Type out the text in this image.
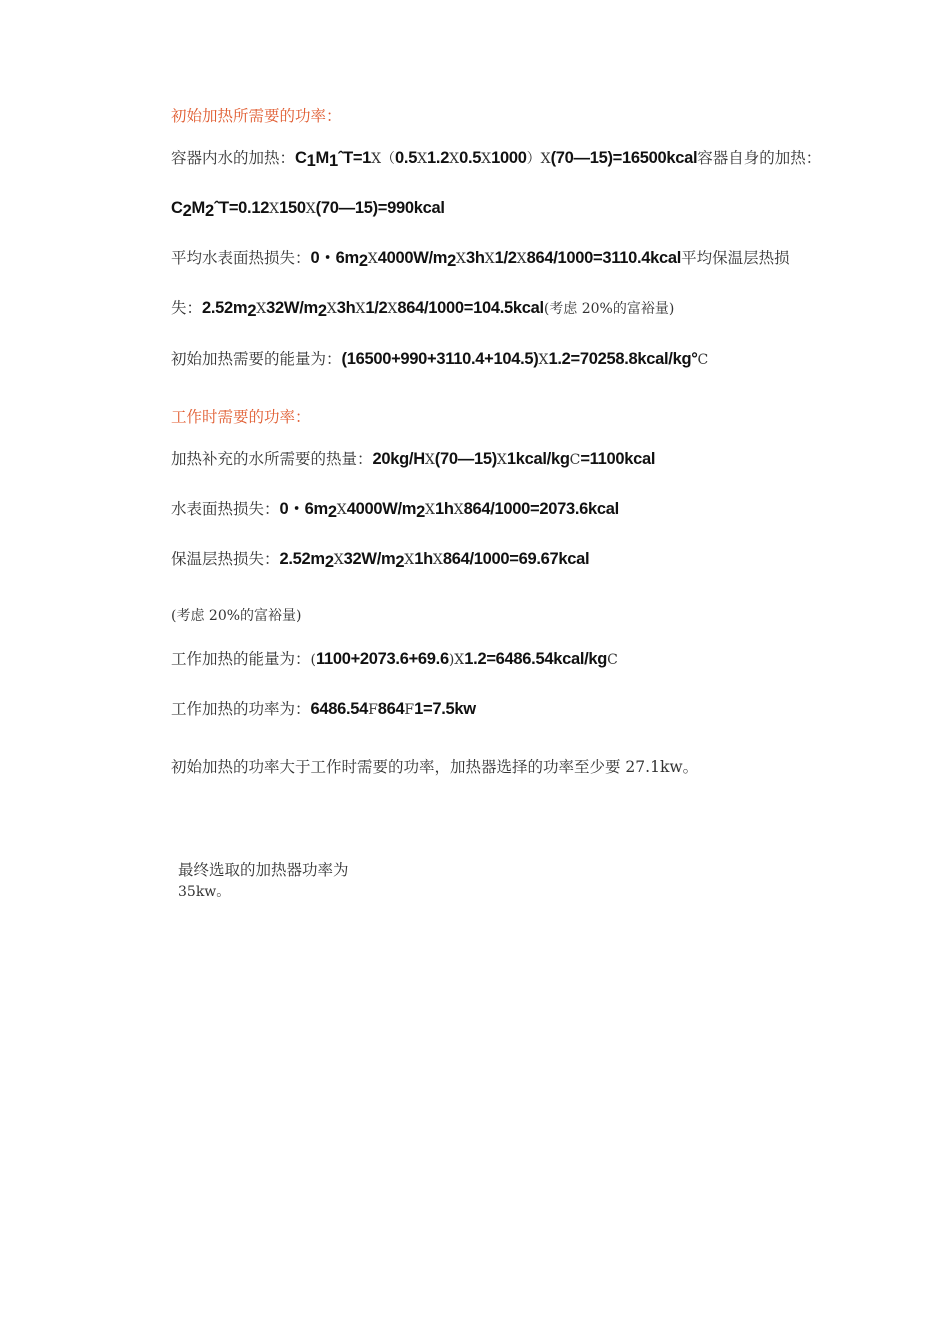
初始加热所需要的功率：
容器内水的加热：$C_1M_1ˆT=1X(0.5X1.2X0.5X1000)X(70—15)=16500kcal$容器自身的加热：
$C_2M_2ˆT=0.12X150X(70—15)=990kcal$
平均水表面热损失：0・$6m_2X4000W/m_2X3hX1/2X864/1000=3110.4kcal$平均保温层热损
失：$2.52m_2X32W/m_2X3hX1/2X864/1000=104.5kcal$(考虑 20%的富裕量)
初始加热需要的能量为：(16500+990+3110.4+104.5)X1.2=70258.8kcal/kg°C
工作时需要的功率：
加热补充的水所需要的热量：20kg/HX(70—15)X1kcal/kgC=1100kcal
水表面热损失：0・$6m_2X4000W/m_2X1hX864/1000=2073.6kcal$
保温层热损失：$2.52m_2X32W/m_2X1hX864/1000=69.67kcal$
(考虑 20%的富裕量)
工作加热的能量为：(1100+2073.6+69.6)X1.2=6486.54kcal/kgC
工作加热的功率为：6486.54F864F1=7.5kw
初始加热的功率大于工作时需要的功率，加热器选择的功率至少要 27.1kw。
最终选取的加热器功率为
35kw。
